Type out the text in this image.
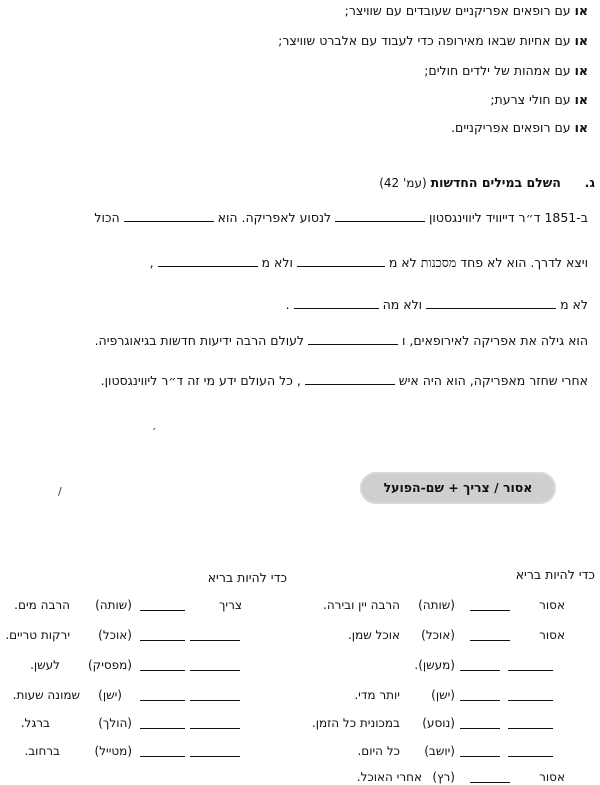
או עם רופאים אפריקניים שעובדים עם שוויצר;
או עם אחיות שבאו מאירופה כדי לעבוד עם אלברט שוויצר;
או עם אמהות של ילדים חולים;
או עם חולי צרעת;
או עם רופאים אפריקניים.
ג.      השלם במילים החדשות (עמ' 42)
ב-1851 ד״ר דייוויד ליווינגסטון  לנסוע לאפריקה. הוא  הכול
ויצא לדרך. הוא לא פחד מסכנות לא מ  ולא מ  ,
לא מ  ולא מה  .
הוא גילה את אפריקה לאירופאים, ו  לעולם הרבה ידיעות חדשות בגיאוגרפיה.
אחרי שחזר מאפריקה, הוא היה איש  , כל העולם ידע מי זה ד״ר ליווינגסטון.
׳
/	אסור / צריך + שם-הפועל
כדי להיות בריא
כדי להיות בריא
אסור
(שותה)
הרבה יין ובירה.
אסור
(אוכל)
אוכל שמן.
(מעשן).
(ישן)
יותר מדי.
(נוסע)
במכונית כל הזמן.
(יושב)
כל היום.
אסור
(רץ)
אחרי האוכל.
צריך
(שותה)
הרבה מים.
(אוכל)
ירקות טריים.
(מפסיק)
לעשן.
(ישן)
שמונה שעות.
(הולך)
ברגל.
(מטייל)
ברחוב.
